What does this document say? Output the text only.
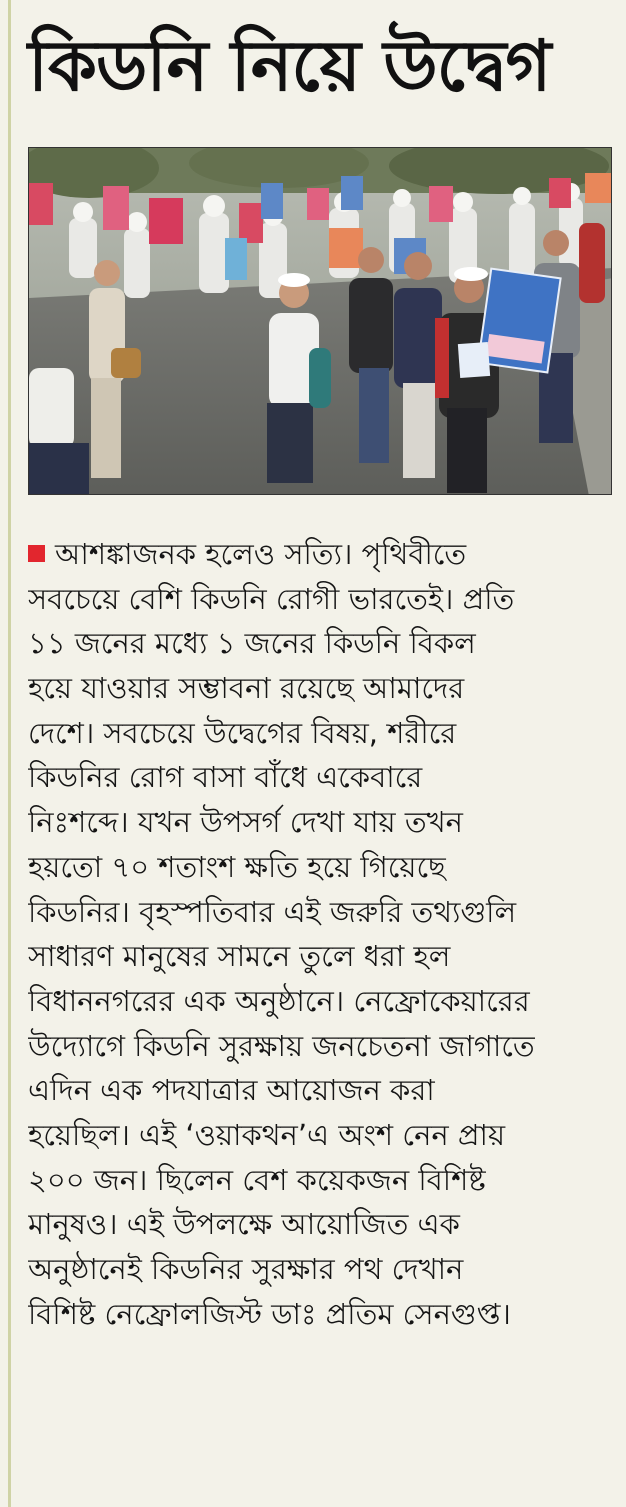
কিডনি নিয়ে উদ্বেগ
আশঙ্কাজনক হলেও সত্যি। পৃথিবীতে
সবচেয়ে বেশি কিডনি রোগী ভারতেই। প্রতি
১১ জনের মধ্যে ১ জনের কিডনি বিকল
হয়ে যাওয়ার সম্ভাবনা রয়েছে আমাদের
দেশে। সবচেয়ে উদ্বেগের বিষয়, শরীরে
কিডনির রোগ বাসা বাঁধে একেবারে
নিঃশব্দে। যখন উপসর্গ দেখা যায় তখন
হয়তো ৭০ শতাংশ ক্ষতি হয়ে গিয়েছে
কিডনির। বৃহস্পতিবার এই জরুরি তথ্যগুলি
সাধারণ মানুষের সামনে তুলে ধরা হল
বিধাননগরের এক অনুষ্ঠানে। নেফ্রোকেয়ারের
উদ্যোগে কিডনি সুরক্ষায় জনচেতনা জাগাতে
এদিন এক পদযাত্রার আয়োজন করা
হয়েছিল। এই ‘ওয়াকথন’এ অংশ নেন প্রায়
২০০ জন। ছিলেন বেশ কয়েকজন বিশিষ্ট
মানুষও। এই উপলক্ষে আয়োজিত এক
অনুষ্ঠানেই কিডনির সুরক্ষার পথ দেখান
বিশিষ্ট নেফ্রোলজিস্ট ডাঃ প্রতিম সেনগুপ্ত।
